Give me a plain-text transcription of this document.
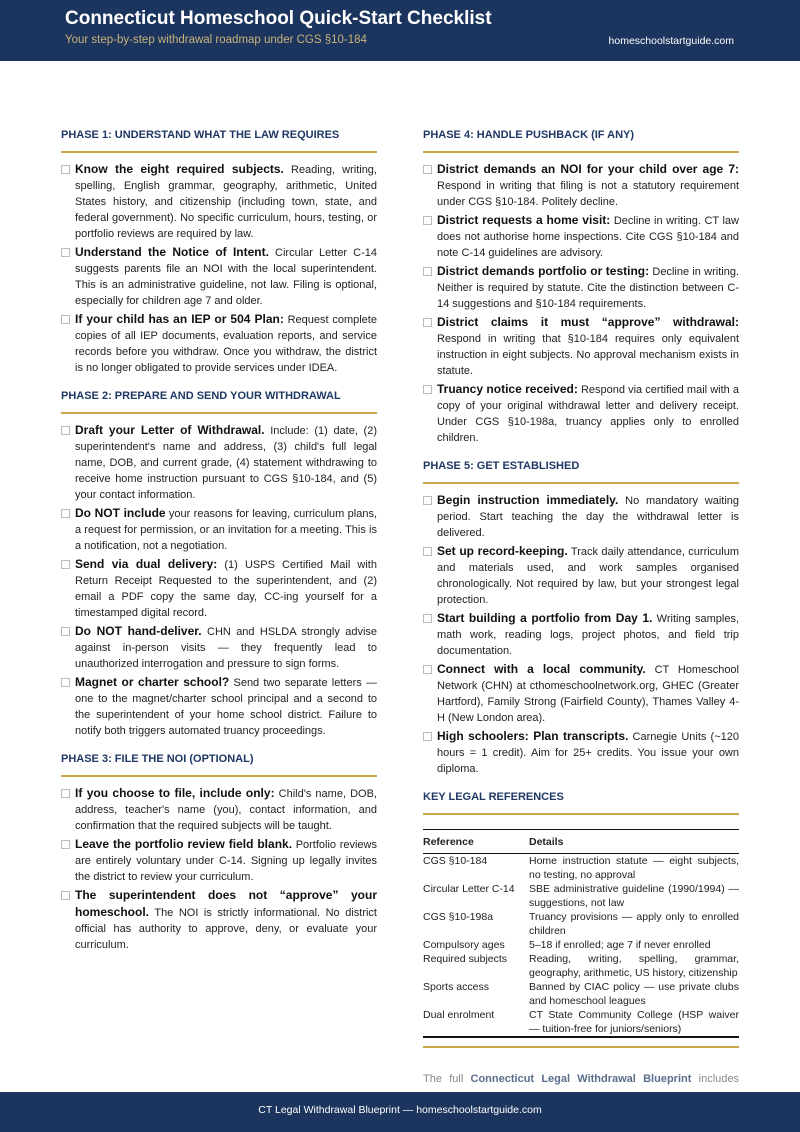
Connecticut Homeschool Quick-Start Checklist
Your step-by-step withdrawal roadmap under CGS §10-184	homeschoolstartguide.com
PHASE 1: UNDERSTAND WHAT THE LAW REQUIRES
Know the eight required subjects. Reading, writing, spelling, English grammar, geography, arithmetic, United States history, and citizenship (including town, state, and federal government). No specific curriculum, hours, testing, or portfolio reviews are required by law.
Understand the Notice of Intent. Circular Letter C-14 suggests parents file an NOI with the local superintendent. This is an administrative guideline, not law. Filing is optional, especially for children age 7 and older.
If your child has an IEP or 504 Plan: Request complete copies of all IEP documents, evaluation reports, and service records before you withdraw. Once you withdraw, the district is no longer obligated to provide services under IDEA.
PHASE 2: PREPARE AND SEND YOUR WITHDRAWAL
Draft your Letter of Withdrawal. Include: (1) date, (2) superintendent's name and address, (3) child's full legal name, DOB, and current grade, (4) statement withdrawing to receive home instruction pursuant to CGS §10-184, and (5) your contact information.
Do NOT include your reasons for leaving, curriculum plans, a request for permission, or an invitation for a meeting. This is a notification, not a negotiation.
Send via dual delivery: (1) USPS Certified Mail with Return Receipt Requested to the superintendent, and (2) email a PDF copy the same day, CC-ing yourself for a timestamped digital record.
Do NOT hand-deliver. CHN and HSLDA strongly advise against in-person visits — they frequently lead to unauthorized interrogation and pressure to sign forms.
Magnet or charter school? Send two separate letters — one to the magnet/charter school principal and a second to the superintendent of your home school district. Failure to notify both triggers automated truancy proceedings.
PHASE 3: FILE THE NOI (OPTIONAL)
If you choose to file, include only: Child's name, DOB, address, teacher's name (you), contact information, and confirmation that the required subjects will be taught.
Leave the portfolio review field blank. Portfolio reviews are entirely voluntary under C-14. Signing up legally invites the district to review your curriculum.
The superintendent does not “approve” your homeschool. The NOI is strictly informational. No district official has authority to approve, deny, or evaluate your curriculum.
PHASE 4: HANDLE PUSHBACK (IF ANY)
District demands an NOI for your child over age 7: Respond in writing that filing is not a statutory requirement under CGS §10-184. Politely decline.
District requests a home visit: Decline in writing. CT law does not authorise home inspections. Cite CGS §10-184 and note C-14 guidelines are advisory.
District demands portfolio or testing: Decline in writing. Neither is required by statute. Cite the distinction between C-14 suggestions and §10-184 requirements.
District claims it must “approve” withdrawal: Respond in writing that §10-184 requires only equivalent instruction in eight subjects. No approval mechanism exists in statute.
Truancy notice received: Respond via certified mail with a copy of your original withdrawal letter and delivery receipt. Under CGS §10-198a, truancy applies only to enrolled children.
PHASE 5: GET ESTABLISHED
Begin instruction immediately. No mandatory waiting period. Start teaching the day the withdrawal letter is delivered.
Set up record-keeping. Track daily attendance, curriculum and materials used, and work samples organised chronologically. Not required by law, but your strongest legal protection.
Start building a portfolio from Day 1. Writing samples, math work, reading logs, project photos, and field trip documentation.
Connect with a local community. CT Homeschool Network (CHN) at cthomeschoolnetwork.org, GHEC (Greater Hartford), Family Strong (Fairfield County), Thames Valley 4-H (New London area).
High schoolers: Plan transcripts. Carnegie Units (~120 hours = 1 credit). Aim for 25+ credits. You issue your own diploma.
KEY LEGAL REFERENCES
Reference	Details
CGS §10-184	Home instruction statute — eight subjects, no testing, no approval
Circular Letter C-14	SBE administrative guideline (1990/1994) — suggestions, not law
CGS §10-198a	Truancy provisions — apply only to enrolled children
Compulsory ages	5–18 if enrolled; age 7 if never enrolled
Required subjects	Reading, writing, spelling, grammar, geography, arithmetic, US history, citizenship
Sports access	Banned by CIAC policy — use private clubs and homeschool leagues
Dual enrolment	CT State Community College (HSP waiver — tuition-free for juniors/seniors)
The full Connecticut Legal Withdrawal Blueprint includes
CT Legal Withdrawal Blueprint — homeschoolstartguide.com
